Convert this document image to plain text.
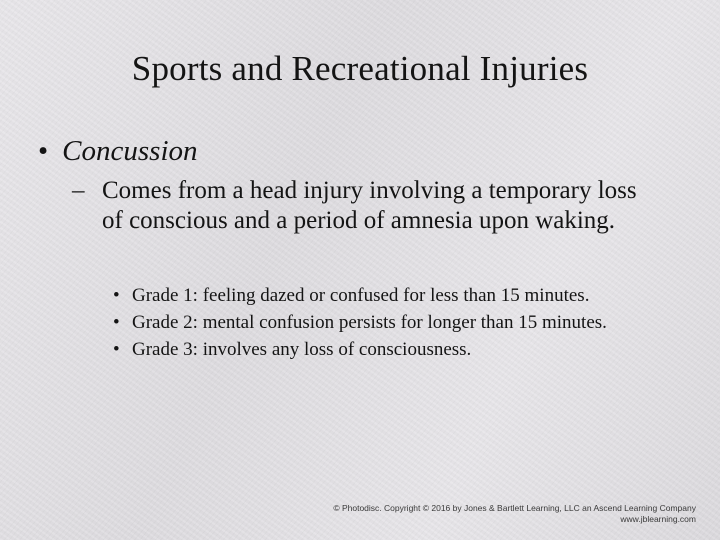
Sports and Recreational Injuries
• Concussion
– Comes from a head injury involving a temporary loss of conscious and a period of amnesia upon waking.
• Grade 1: feeling dazed or confused for less than 15 minutes.
• Grade 2: mental confusion persists for longer than 15 minutes.
• Grade 3: involves any loss of consciousness.
© Photodisc. Copyright © 2016 by Jones & Bartlett Learning, LLC an Ascend Learning Company
www.jblearning.com
